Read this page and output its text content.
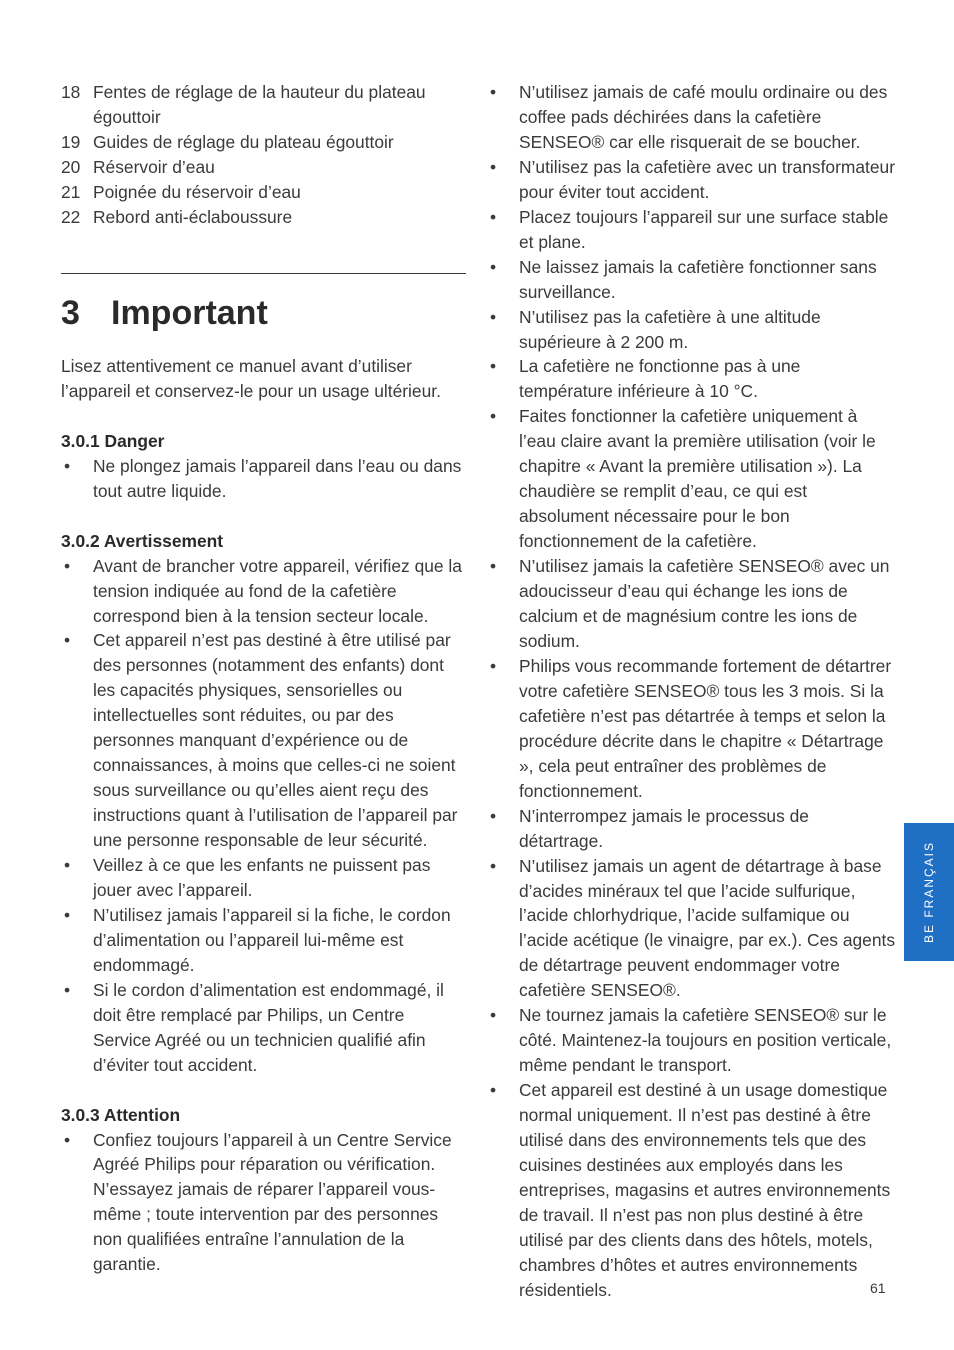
18 Fentes de réglage de la hauteur du plateau égouttoir
19 Guides de réglage du plateau égouttoir
20 Réservoir d’eau
21 Poignée du réservoir d’eau
22 Rebord anti-éclaboussure
3 Important

Lisez attentivement ce manuel avant d’utiliser l’appareil et conservez-le pour un usage ultérieur.

3.0.1 Danger
• Ne plongez jamais l’appareil dans l’eau ou dans tout autre liquide.
3.0.2 Avertissement
• Avant de brancher votre appareil, vérifiez que la tension indiquée au fond de la cafetière correspond bien à la tension secteur locale.
• Cet appareil n’est pas destiné à être utilisé par des personnes (notamment des enfants) dont les capacités physiques, sensorielles ou intellectuelles sont réduites, ou par des personnes manquant d’expérience ou de connaissances, à moins que celles-ci ne soient sous surveillance ou qu’elles aient reçu des instructions quant à l’utilisation de l’appareil par une personne responsable de leur sécurité.
• Veillez à ce que les enfants ne puissent pas jouer avec l’appareil.
• N’utilisez jamais l’appareil si la fiche, le cordon d’alimentation ou l’appareil lui-même est endommagé.
• Si le cordon d’alimentation est endommagé, il doit être remplacé par Philips, un Centre Service Agréé ou un technicien qualifié afin d’éviter tout accident.
3.0.3 Attention
• Confiez toujours l’appareil à un Centre Service Agréé Philips pour réparation ou vérification. N’essayez jamais de réparer l’appareil vous-même ; toute intervention par des personnes non qualifiées entraîne l’annulation de la garantie.
• N’utilisez jamais de café moulu ordinaire ou des coffee pads déchirées dans la cafetière SENSEO® car elle risquerait de se boucher.
• N’utilisez pas la cafetière avec un transformateur pour éviter tout accident.
• Placez toujours l’appareil sur une surface stable et plane.
• Ne laissez jamais la cafetière fonctionner sans surveillance.
• N’utilisez pas la cafetière à une altitude supérieure à 2 200 m.
• La cafetière ne fonctionne pas à une température inférieure à 10 °C.
• Faites fonctionner la cafetière uniquement à l’eau claire avant la première utilisation (voir le chapitre « Avant la première utilisation »). La chaudière se remplit d’eau, ce qui est absolument nécessaire pour le bon fonctionnement de la cafetière.
• N’utilisez jamais la cafetière SENSEO® avec un adoucisseur d’eau qui échange les ions de calcium et de magnésium contre les ions de sodium.
• Philips vous recommande fortement de détartrer votre cafetière SENSEO® tous les 3 mois. Si la cafetière n’est pas détartrée à temps et selon la procédure décrite dans le chapitre « Détartrage », cela peut entraîner des problèmes de fonctionnement.
• N’interrompez jamais le processus de détartrage.
• N’utilisez jamais un agent de détartrage à base d’acides minéraux tel que l’acide sulfurique, l’acide chlorhydrique, l’acide sulfamique ou l’acide acétique (le vinaigre, par ex.). Ces agents de détartrage peuvent endommager votre cafetière SENSEO®.
• Ne tournez jamais la cafetière SENSEO® sur le côté. Maintenez-la toujours en position verticale, même pendant le transport.
• Cet appareil est destiné à un usage domestique normal uniquement. Il n’est pas destiné à être utilisé dans des environnements tels que des cuisines destinées aux employés dans les entreprises, magasins et autres environnements de travail. Il n’est pas non plus destiné à être utilisé par des clients dans des hôtels, motels, chambres d’hôtes et autres environnements résidentiels.
BE FRANÇAIS
61
